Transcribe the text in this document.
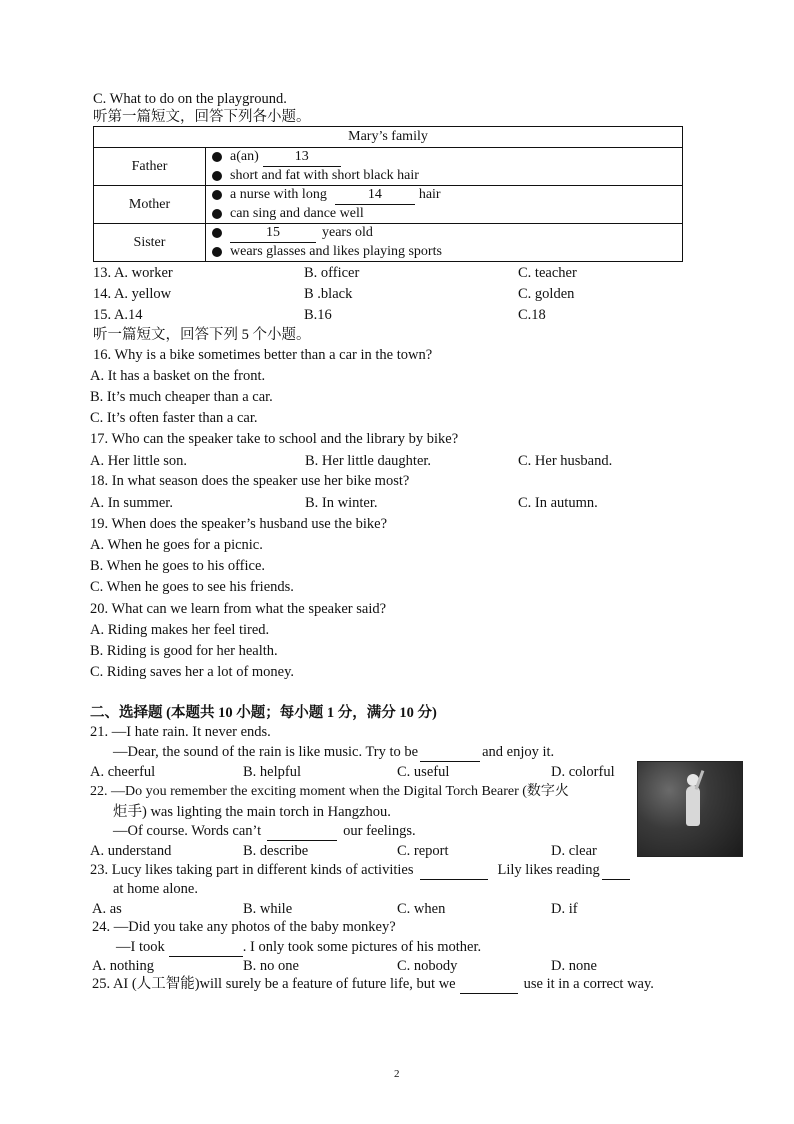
C. What to do on the playground.
听第一篇短文，回答下列各小题。
Mary’s family	
Father	a(an) 13
short and fat with short black hair

Mother	a nurse with long 14 hair
can sing and dance well

Sister	15 years old
wears glasses and likes playing sports
13. A. worker	B. officer	C. teacher
14. A. yellow	B .black	C. golden
15. A.14	B.16	C.18
听一篇短文，回答下列 5 个小题。
16. Why is a bike sometimes better than a car in the town?
A. It has a basket on the front.
B. It’s much cheaper than a car.
C. It’s often faster than a car.
17. Who can the speaker take to school and the library by bike?
A. Her little son.	B. Her little daughter.	C. Her husband.
18. In what season does the speaker use her bike most?
A. In summer.	B. In winter.	C. In autumn.
19. When does the speaker’s husband use the bike?
A. When he goes for a picnic.
B. When he goes to his office.
C. When he goes to see his friends.
20. What can we learn from what the speaker said?
A. Riding makes her feel tired.
B. Riding is good for her health.
C. Riding saves her a lot of money.
二、选择题 (本题共 10 小题；每小题 1 分，满分 10 分)
21. —I hate rain. It never ends.
—Dear, the sound of the rain is like music. Try to be	and enjoy it.
A. cheerful	B. helpful	C. useful	D. colorful
22. —Do you remember the exciting moment when the Digital Torch Bearer (数字火
炬手) was lighting the main torch in Hangzhou.
—Of course. Words can’t	our feelings.
A. understand	B. describe	C. report	D. clear
23. Lucy likes taking part in different kinds of activities	Lily likes reading
at home alone.
A. as	B. while	C. when	D. if
24. —Did you take any photos of the baby monkey?
—I took	. I only took some pictures of his mother.
A. nothing	B. no one	C. nobody	D. none
25. AI (人工智能)will surely be a feature of future life, but we	use it in a correct way.
2
